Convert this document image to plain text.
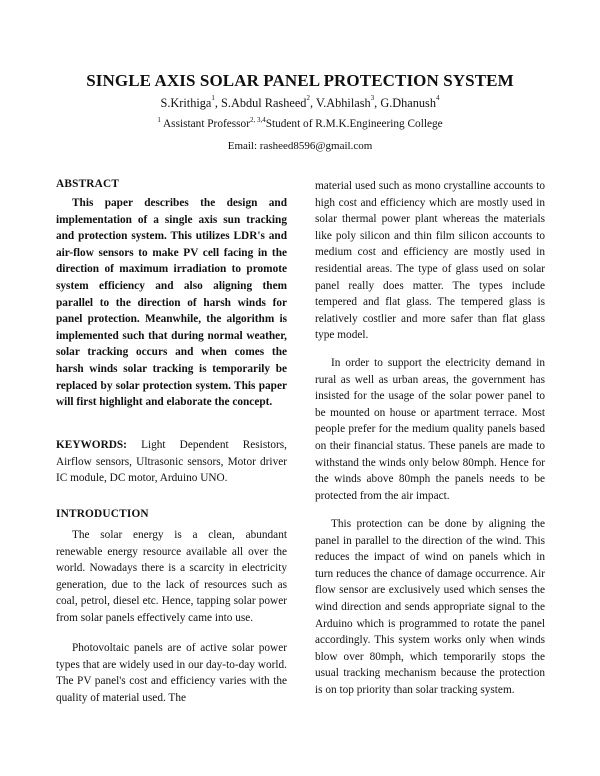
SINGLE AXIS SOLAR PANEL PROTECTION SYSTEM
S.Krithiga$^1$, S.Abdul Rasheed$^2$, V.Abhilash$^3$, G.Dhanush$^4$
$^1$ Assistant Professor$^{2, 3,4}$Student of R.M.K.Engineering College
Email: rasheed8596@gmail.com
ABSTRACT

This paper describes the design and implementation of a single axis sun tracking and protection system. This utilizes LDR's and air-flow sensors to make PV cell facing in the direction of maximum irradiation to promote system efficiency and also aligning them parallel to the direction of harsh winds for panel protection. Meanwhile, the algorithm is implemented such that during normal weather, solar tracking occurs and when comes the harsh winds solar tracking is temporarily be replaced by solar protection system. This paper will first highlight and elaborate the concept.

KEYWORDS: Light Dependent Resistors, Airflow sensors, Ultrasonic sensors, Motor driver IC module, DC motor, Arduino UNO.

INTRODUCTION

The solar energy is a clean, abundant renewable energy resource available all over the world. Nowadays there is a scarcity in electricity generation, due to the lack of resources such as coal, petrol, diesel etc. Hence, tapping solar power from solar panels effectively came into use.

Photovoltaic panels are of active solar power types that are widely used in our day-to-day world. The PV panel's cost and efficiency varies with the quality of material used. The

material used such as mono crystalline accounts to high cost and efficiency which are mostly used in solar thermal power plant whereas the materials like poly silicon and thin film silicon accounts to medium cost and efficiency are mostly used in residential areas. The type of glass used on solar panel really does matter. The types include tempered and flat glass. The tempered glass is relatively costlier and more safer than flat glass type model.

In order to support the electricity demand in rural as well as urban areas, the government has insisted for the usage of the solar power panel to be mounted on house or apartment terrace. Most people prefer for the medium quality panels based on their financial status. These panels are made to withstand the winds only below 80mph. Hence for the winds above 80mph the panels needs to be protected from the air impact.

This protection can be done by aligning the panel in parallel to the direction of the wind. This reduces the impact of wind on panels which in turn reduces the chance of damage occurrence. Air flow sensor are exclusively used which senses the wind direction and sends appropriate signal to the Arduino which is programmed to rotate the panel accordingly. This system works only when winds blow over 80mph, which temporarily stops the usual tracking mechanism because the protection is on top priority than solar tracking system.
